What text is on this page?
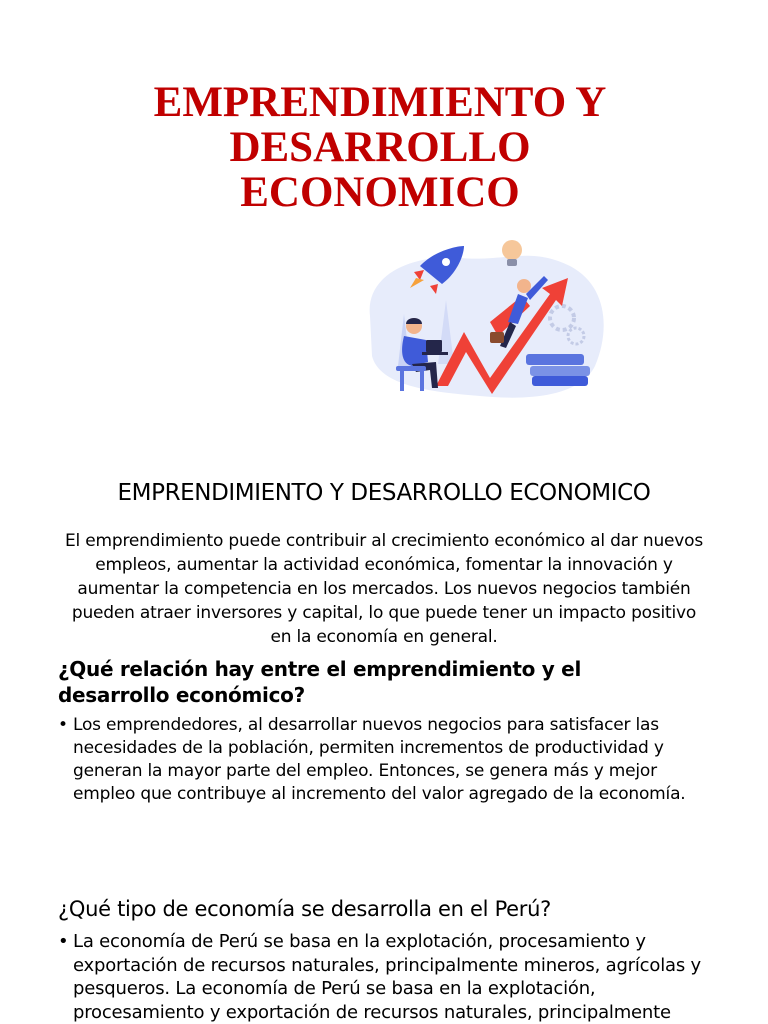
EMPRENDIMIENTO Y
DESARROLLO
ECONOMICO
EMPRENDIMIENTO Y DESARROLLO ECONOMICO

El emprendimiento puede contribuir al crecimiento económico al dar nuevos empleos, aumentar la actividad económica, fomentar la innovación y aumentar la competencia en los mercados. Los nuevos negocios también pueden atraer inversores y capital, lo que puede tener un impacto positivo en la economía en general.

¿Qué relación hay entre el emprendimiento y el desarrollo económico?
• Los emprendedores, al desarrollar nuevos negocios para satisfacer las necesidades de la población, permiten incrementos de productividad y generan la mayor parte del empleo. Entonces, se genera más y mejor empleo que contribuye al incremento del valor agregado de la economía.
¿Qué tipo de economía se desarrolla en el Perú?
• La economía de Perú se basa en la explotación, procesamiento y exportación de recursos naturales, principalmente mineros, agrícolas y pesqueros. La economía de Perú se basa en la explotación, procesamiento y exportación de recursos naturales, principalmente
